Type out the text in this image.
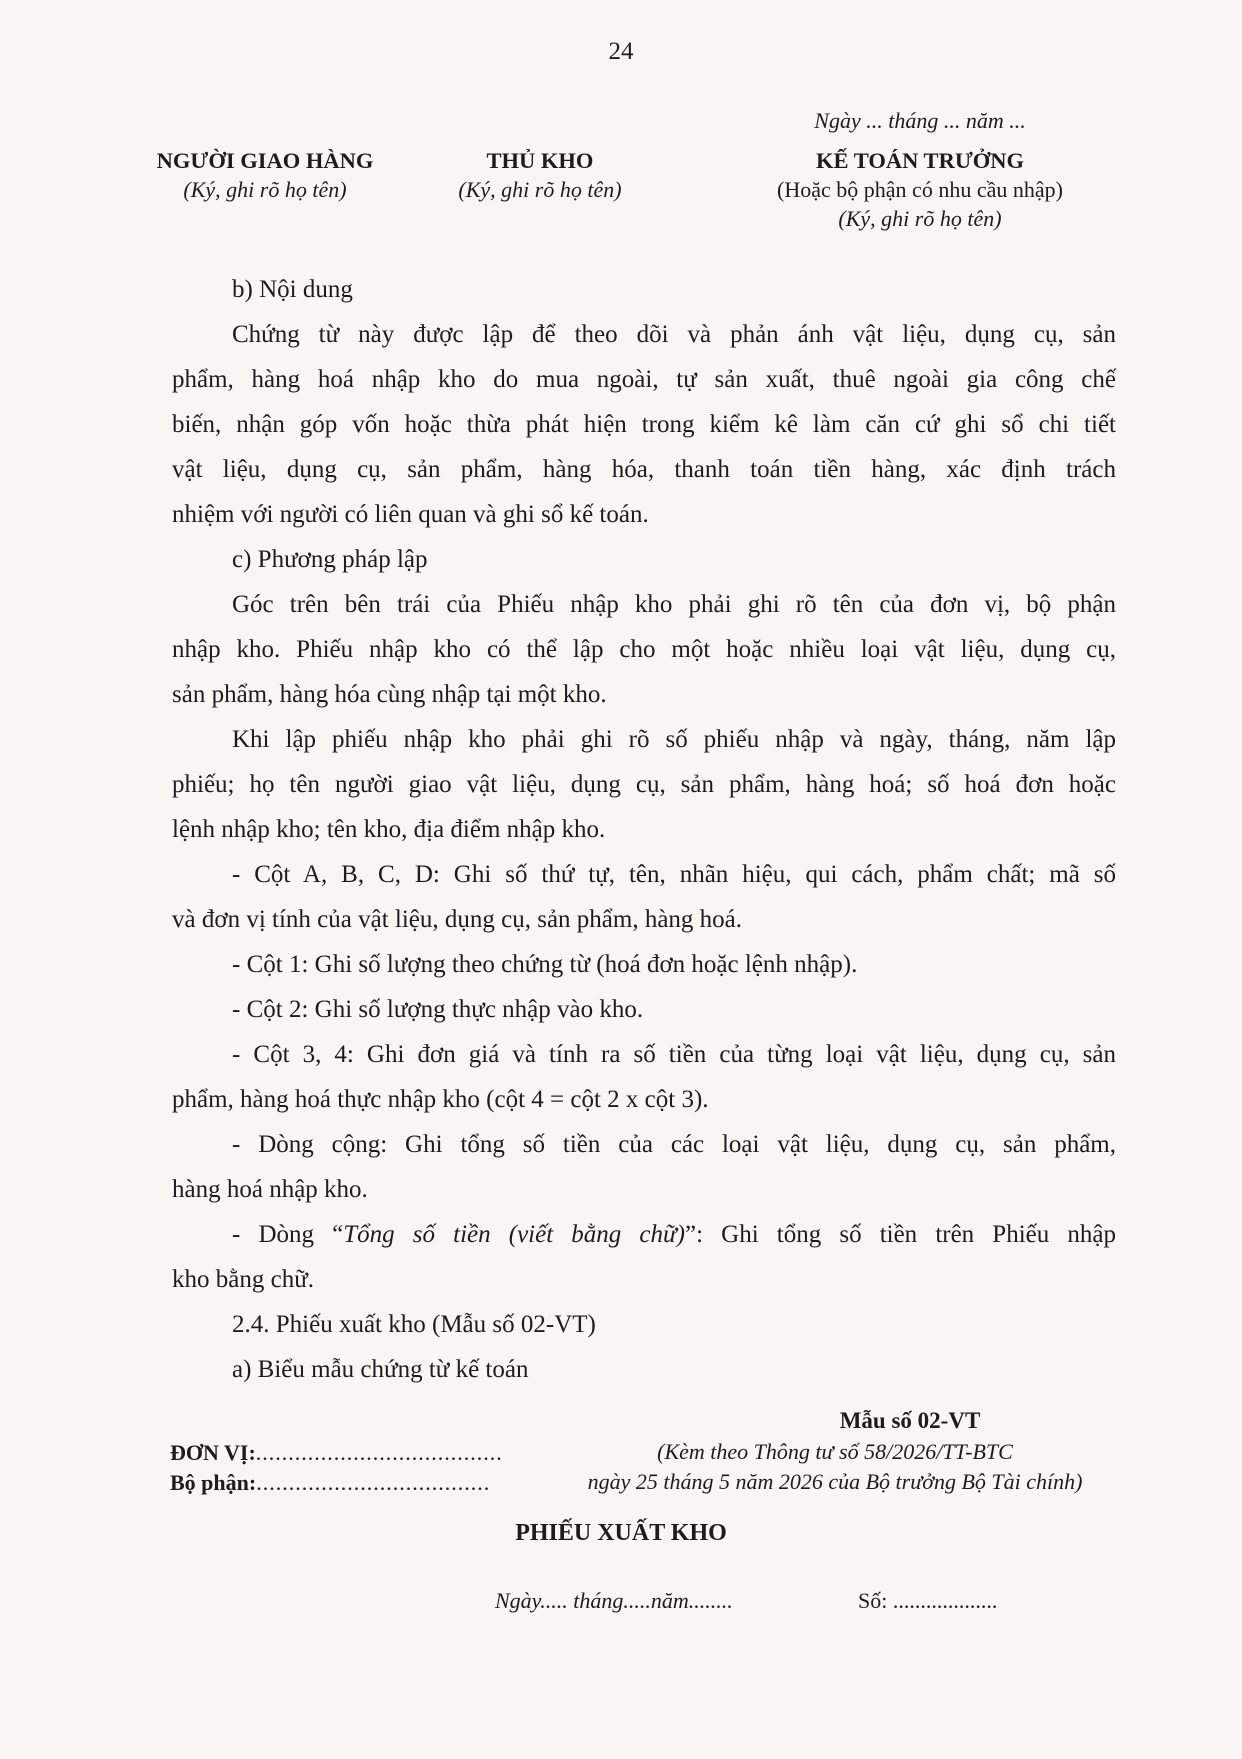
24
Ngày ... tháng ... năm ...
NGƯỜI GIAO HÀNG
(Ký, ghi rõ họ tên)
THỦ KHO
(Ký, ghi rõ họ tên)
KẾ TOÁN TRƯỞNG
(Hoặc bộ phận có nhu cầu nhập)
(Ký, ghi rõ họ tên)
b) Nội dung
Chứng từ này được lập để theo dõi và phản ánh vật liệu, dụng cụ, sản
phẩm, hàng hoá nhập kho do mua ngoài, tự sản xuất, thuê ngoài gia công chế
biến, nhận góp vốn hoặc thừa phát hiện trong kiểm kê làm căn cứ ghi sổ chi tiết
vật liệu, dụng cụ, sản phẩm, hàng hóa, thanh toán tiền hàng, xác định trách
nhiệm với người có liên quan và ghi sổ kế toán.
c) Phương pháp lập
Góc trên bên trái của Phiếu nhập kho phải ghi rõ tên của đơn vị, bộ phận
nhập kho. Phiếu nhập kho có thể lập cho một hoặc nhiều loại vật liệu, dụng cụ,
sản phẩm, hàng hóa cùng nhập tại một kho.
Khi lập phiếu nhập kho phải ghi rõ số phiếu nhập và ngày, tháng, năm lập
phiếu; họ tên người giao vật liệu, dụng cụ, sản phẩm, hàng hoá; số hoá đơn hoặc
lệnh nhập kho; tên kho, địa điểm nhập kho.
- Cột A, B, C, D: Ghi số thứ tự, tên, nhãn hiệu, qui cách, phẩm chất; mã số
và đơn vị tính của vật liệu, dụng cụ, sản phẩm, hàng hoá.
- Cột 1: Ghi số lượng theo chứng từ (hoá đơn hoặc lệnh nhập).
- Cột 2: Ghi số lượng thực nhập vào kho.
- Cột 3, 4: Ghi đơn giá và tính ra số tiền của từng loại vật liệu, dụng cụ, sản
phẩm, hàng hoá thực nhập kho (cột 4 = cột 2 x cột 3).
- Dòng cộng: Ghi tổng số tiền của các loại vật liệu, dụng cụ, sản phẩm,
hàng hoá nhập kho.
- Dòng “Tổng số tiền (viết bằng chữ)”: Ghi tổng số tiền trên Phiếu nhập
kho bằng chữ.
2.4. Phiếu xuất kho (Mẫu số 02-VT)
a) Biểu mẫu chứng từ kế toán
Mẫu số 02-VT
(Kèm theo Thông tư số 58/2026/TT-BTC
ngày 25 tháng 5 năm 2026 của Bộ trưởng Bộ Tài chính)
ĐƠN VỊ:......................................
Bộ phận:....................................
PHIẾU XUẤT KHO
Ngày..... tháng.....năm........	Số: ...................
